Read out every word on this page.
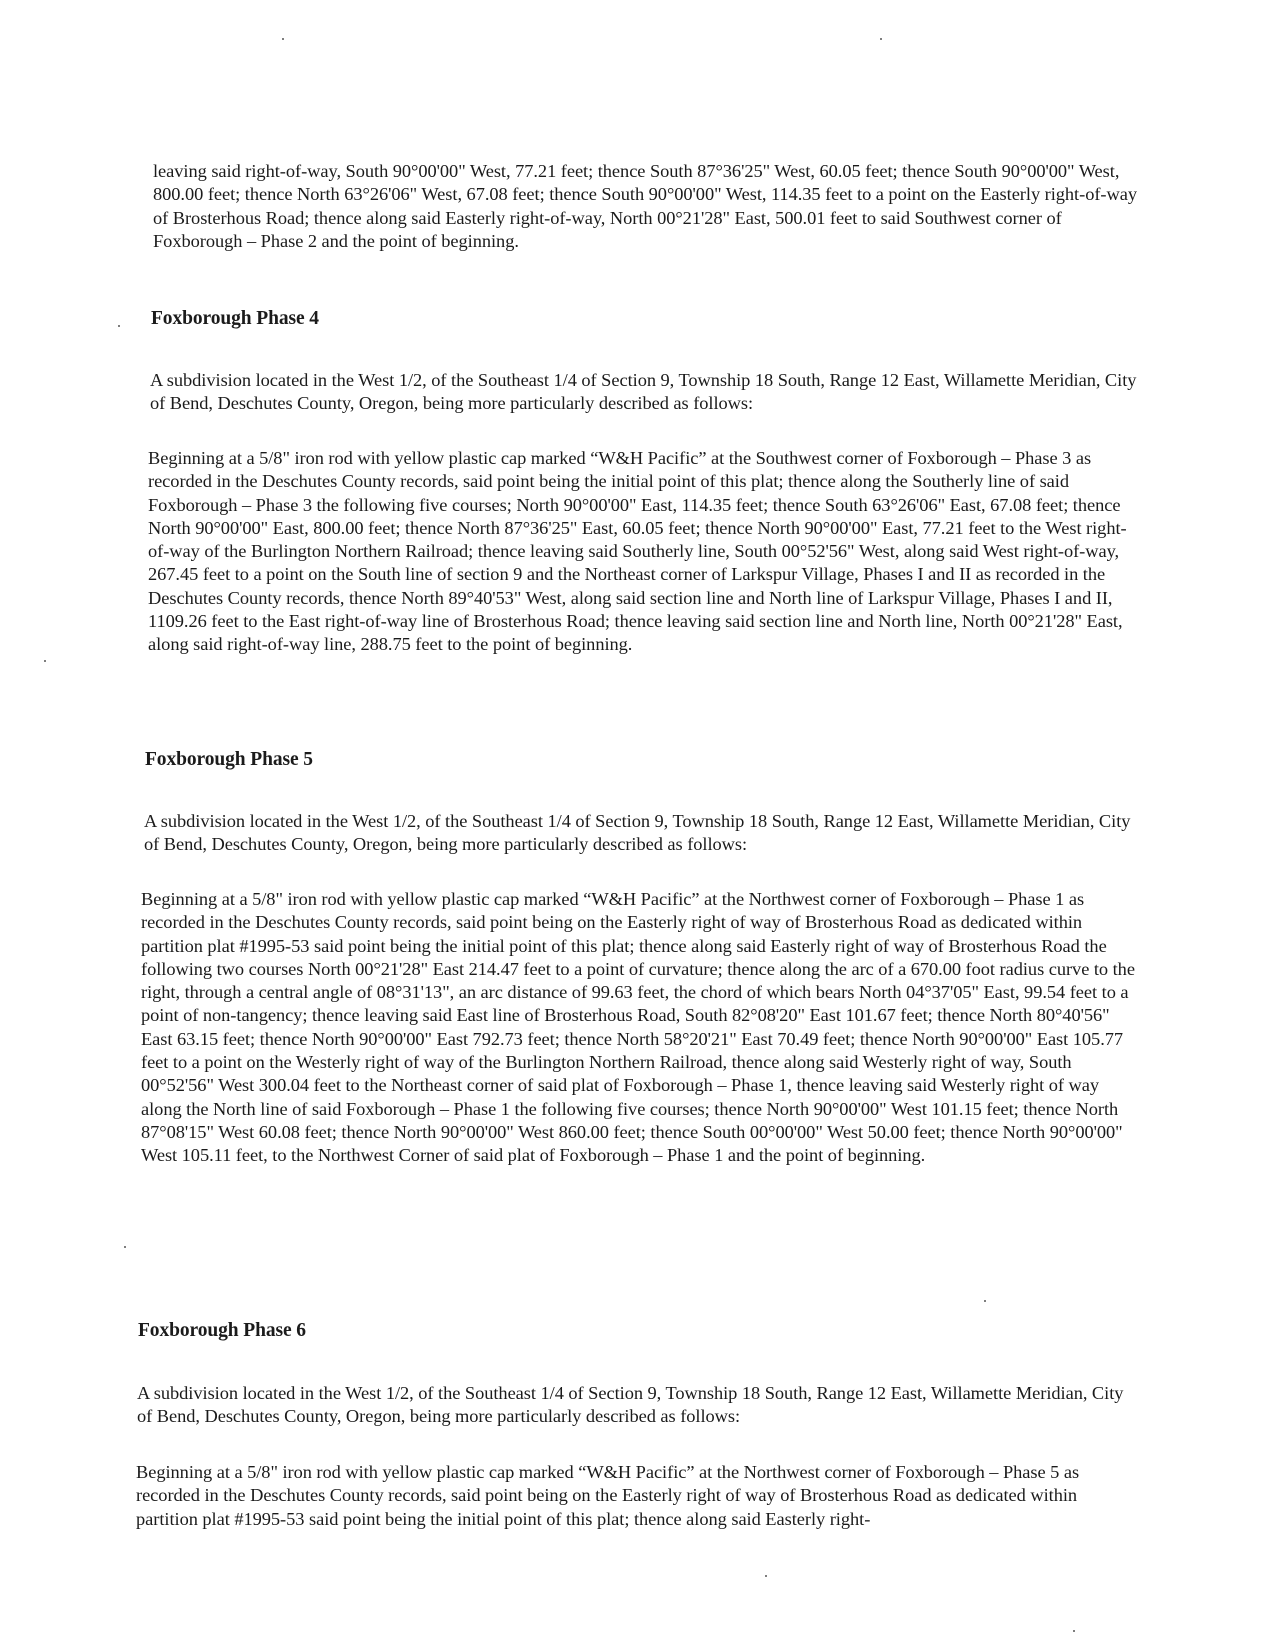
leaving said right-of-way, South 90°00'00" West, 77.21 feet; thence South 87°36'25" West, 60.05 feet; thence South 90°00'00" West, 800.00 feet; thence North 63°26'06" West, 67.08 feet; thence South 90°00'00" West, 114.35 feet to a point on the Easterly right-of-way of Brosterhous Road; thence along said Easterly right-of-way, North 00°21'28" East, 500.01 feet to said Southwest corner of Foxborough – Phase 2 and the point of beginning.
Foxborough Phase 4
A subdivision located in the West 1/2, of the Southeast 1/4 of Section 9, Township 18 South, Range 12 East, Willamette Meridian, City of Bend, Deschutes County, Oregon, being more particularly described as follows:
Beginning at a 5/8" iron rod with yellow plastic cap marked “W&H Pacific” at the Southwest corner of Foxborough – Phase 3 as recorded in the Deschutes County records, said point being the initial point of this plat; thence along the Southerly line of said Foxborough – Phase 3 the following five courses; North 90°00'00" East, 114.35 feet; thence South 63°26'06" East, 67.08 feet; thence North 90°00'00" East, 800.00 feet; thence North 87°36'25" East, 60.05 feet; thence North 90°00'00" East, 77.21 feet to the West right-of-way of the Burlington Northern Railroad; thence leaving said Southerly line, South 00°52'56" West, along said West right-of-way, 267.45 feet to a point on the South line of section 9 and the Northeast corner of Larkspur Village, Phases I and II as recorded in the Deschutes County records, thence North 89°40'53" West, along said section line and North line of Larkspur Village, Phases I and II, 1109.26 feet to the East right-of-way line of Brosterhous Road; thence leaving said section line and North line, North 00°21'28" East, along said right-of-way line, 288.75 feet to the point of beginning.
Foxborough Phase 5
A subdivision located in the West 1/2, of the Southeast 1/4 of Section 9, Township 18 South, Range 12 East, Willamette Meridian, City of Bend, Deschutes County, Oregon, being more particularly described as follows:
Beginning at a 5/8" iron rod with yellow plastic cap marked “W&H Pacific” at the Northwest corner of Foxborough – Phase 1 as recorded in the Deschutes County records, said point being on the Easterly right of way of Brosterhous Road as dedicated within partition plat #1995-53 said point being the initial point of this plat; thence along said Easterly right of way of Brosterhous Road the following two courses North 00°21'28" East 214.47 feet to a point of curvature; thence along the arc of a 670.00 foot radius curve to the right, through a central angle of 08°31'13", an arc distance of 99.63 feet, the chord of which bears North 04°37'05" East, 99.54 feet to a point of non-tangency; thence leaving said East line of Brosterhous Road, South 82°08'20" East 101.67 feet; thence North 80°40'56" East 63.15 feet; thence North 90°00'00" East 792.73 feet; thence North 58°20'21" East 70.49 feet; thence North 90°00'00" East 105.77 feet to a point on the Westerly right of way of the Burlington Northern Railroad, thence along said Westerly right of way, South 00°52'56" West 300.04 feet to the Northeast corner of said plat of Foxborough – Phase 1, thence leaving said Westerly right of way along the North line of said Foxborough – Phase 1 the following five courses; thence North 90°00'00" West 101.15 feet; thence North 87°08'15" West 60.08 feet; thence North 90°00'00" West 860.00 feet; thence South 00°00'00" West 50.00 feet; thence North 90°00'00" West 105.11 feet, to the Northwest Corner of said plat of Foxborough – Phase 1 and the point of beginning.
Foxborough Phase 6
A subdivision located in the West 1/2, of the Southeast 1/4 of Section 9, Township 18 South, Range 12 East, Willamette Meridian, City of Bend, Deschutes County, Oregon, being more particularly described as follows:
Beginning at a 5/8" iron rod with yellow plastic cap marked “W&H Pacific” at the Northwest corner of Foxborough – Phase 5 as recorded in the Deschutes County records, said point being on the Easterly right of way of Brosterhous Road as dedicated within partition plat #1995-53 said point being the initial point of this plat; thence along said Easterly right-
